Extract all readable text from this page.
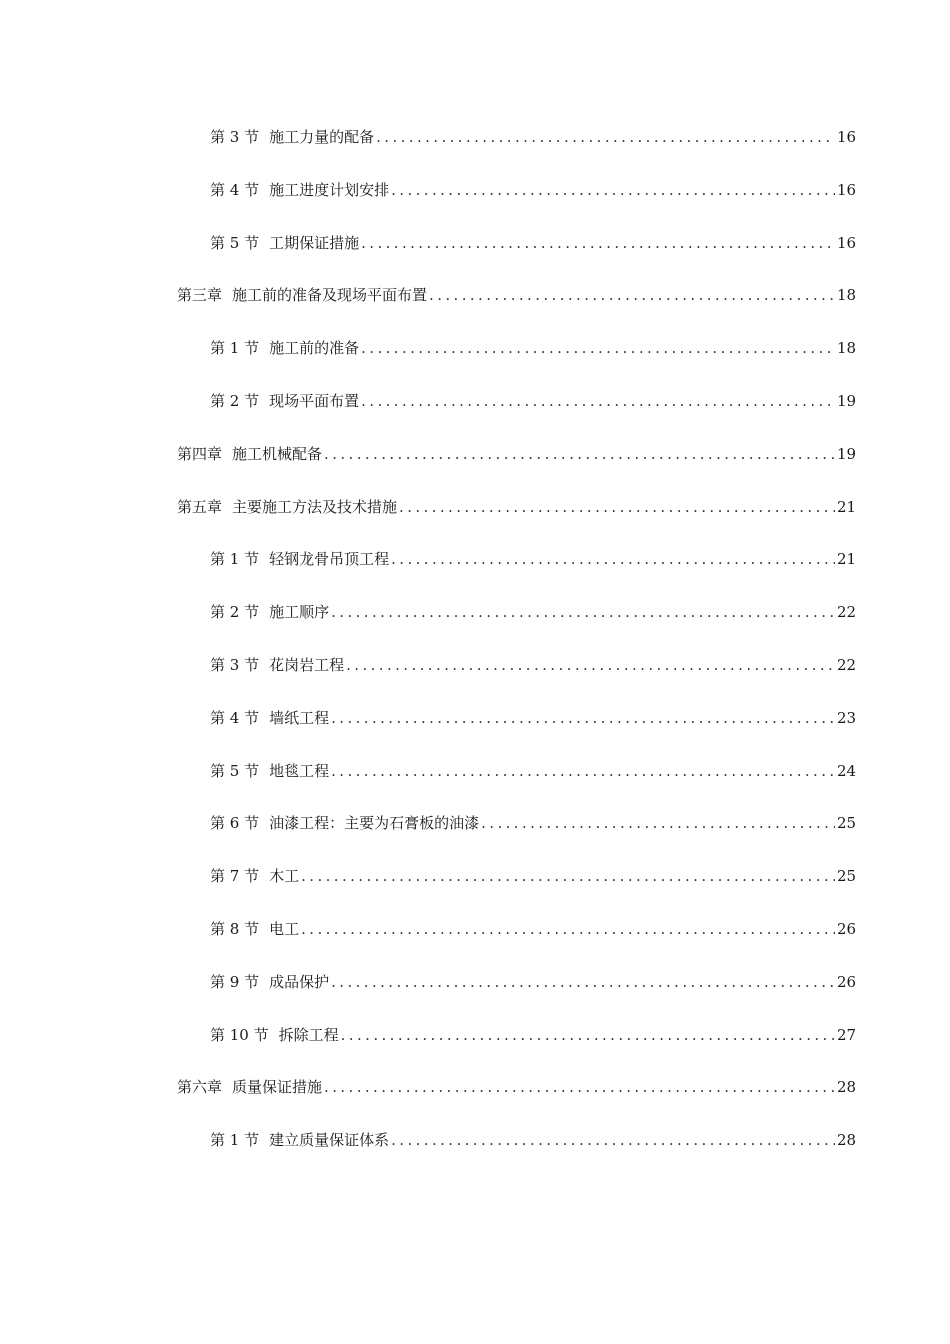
第 3 节 施工力量的配备 .....	16
第 4 节 施工进度计划安排 .....	16
第 5 节 工期保证措施 .....	16
第三章 施工前的准备及现场平面布置 .....	18
第 1 节 施工前的准备 .....	18
第 2 节 现场平面布置 .....	19
第四章 施工机械配备 .....	19
第五章 主要施工方法及技术措施 .....	21
第 1 节 轻钢龙骨吊顶工程 .....	21
第 2 节 施工顺序 .....	22
第 3 节 花岗岩工程 .....	22
第 4 节 墙纸工程 .....	23
第 5 节 地毯工程 .....	24
第 6 节 油漆工程：主要为石膏板的油漆 .....	25
第 7 节 木工 .....	25
第 8 节 电工 .....	26
第 9 节 成品保护 .....	26
第 10 节 拆除工程 .....	27
第六章 质量保证措施 .....	28
第 1 节 建立质量保证体系 .....	28
